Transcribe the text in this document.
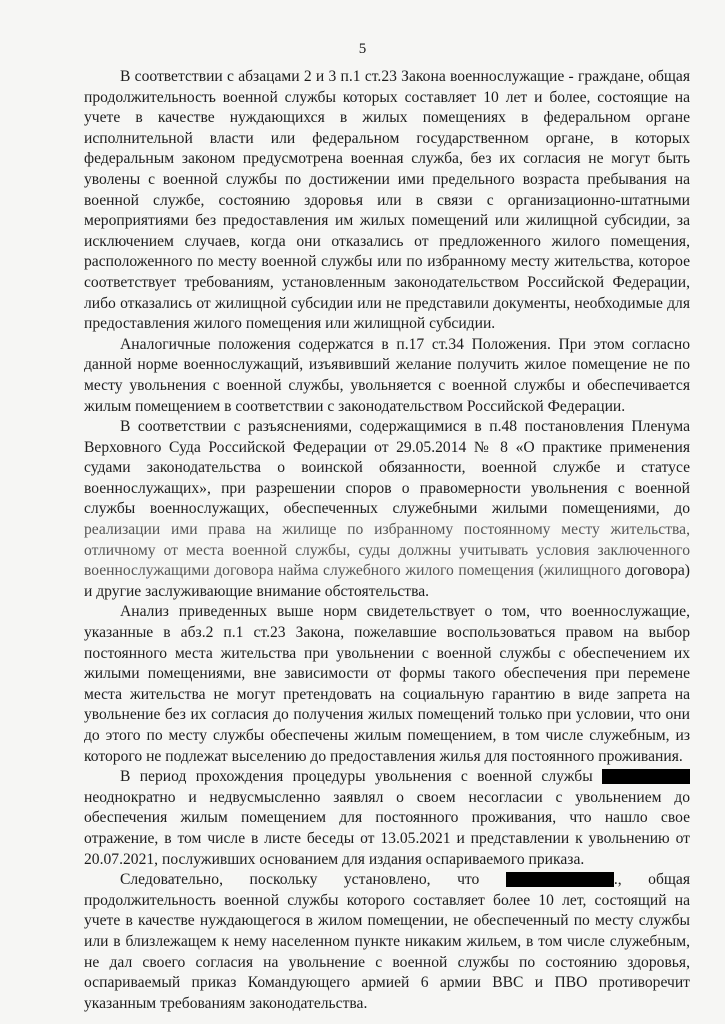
5

В соответствии с абзацами 2 и 3 п.1 ст.23 Закона военнослужащие - граждане, общая продолжительность военной службы которых составляет 10 лет и более, состоящие на учете в качестве нуждающихся в жилых помещениях в федеральном органе исполнительной власти или федеральном государственном органе, в которых федеральным законом предусмотрена военная служба, без их согласия не могут быть уволены с военной службы по достижении ими предельного возраста пребывания на военной службе, состоянию здоровья или в связи с организационно-штатными мероприятиями без предоставления им жилых помещений или жилищной субсидии, за исключением случаев, когда они отказались от предложенного жилого помещения, расположенного по месту военной службы или по избранному месту жительства, которое соответствует требованиям, установленным законодательством Российской Федерации, либо отказались от жилищной субсидии или не представили документы, необходимые для предоставления жилого помещения или жилищной субсидии.

Аналогичные положения содержатся в п.17 ст.34 Положения. При этом согласно данной норме военнослужащий, изъявивший желание получить жилое помещение не по месту увольнения с военной службы, увольняется с военной службы и обеспечивается жилым помещением в соответствии с законодательством Российской Федерации.

В соответствии с разъяснениями, содержащимися в п.48 постановления Пленума Верховного Суда Российской Федерации от 29.05.2014 № 8 «О практике применения судами законодательства о воинской обязанности, военной службе и статусе военнослужащих», при разрешении споров о правомерности увольнения с военной службы военнослужащих, обеспеченных служебными жилыми помещениями, до реализации ими права на жилище по избранному постоянному месту жительства, отличному от места военной службы, суды должны учитывать условия заключенного военнослужащими договора найма служебного жилого помещения (жилищного договора) и другие заслуживающие внимание обстоятельства.

Анализ приведенных выше норм свидетельствует о том, что военнослужащие, указанные в абз.2 п.1 ст.23 Закона, пожелавшие воспользоваться правом на выбор постоянного места жительства при увольнении с военной службы с обеспечением их жилыми помещениями, вне зависимости от формы такого обеспечения при перемене места жительства не могут претендовать на социальную гарантию в виде запрета на увольнение без их согласия до получения жилых помещений только при условии, что они до этого по месту службы обеспечены жилым помещением, в том числе служебным, из которого не подлежат выселению до предоставления жилья для постоянного проживания.

В период прохождения процедуры увольнения с военной службы  неоднократно и недвусмысленно заявлял о своем несогласии с увольнением до обеспечения жилым помещением для постоянного проживания, что нашло свое отражение, в том числе в листе беседы от 13.05.2021 и представлении к увольнению от 20.07.2021, послуживших основанием для издания оспариваемого приказа.

Следовательно, поскольку установлено, что	., общая продолжительность военной службы которого составляет более 10 лет, состоящий на учете в качестве нуждающегося в жилом помещении, не обеспеченный по месту службы или в близлежащем к нему населенном пункте никаким жильем, в том числе служебным, не дал своего согласия на увольнение с военной службы по состоянию здоровья, оспариваемый приказ Командующего армией 6 армии ВВС и ПВО противоречит указанным требованиям законодательства.
